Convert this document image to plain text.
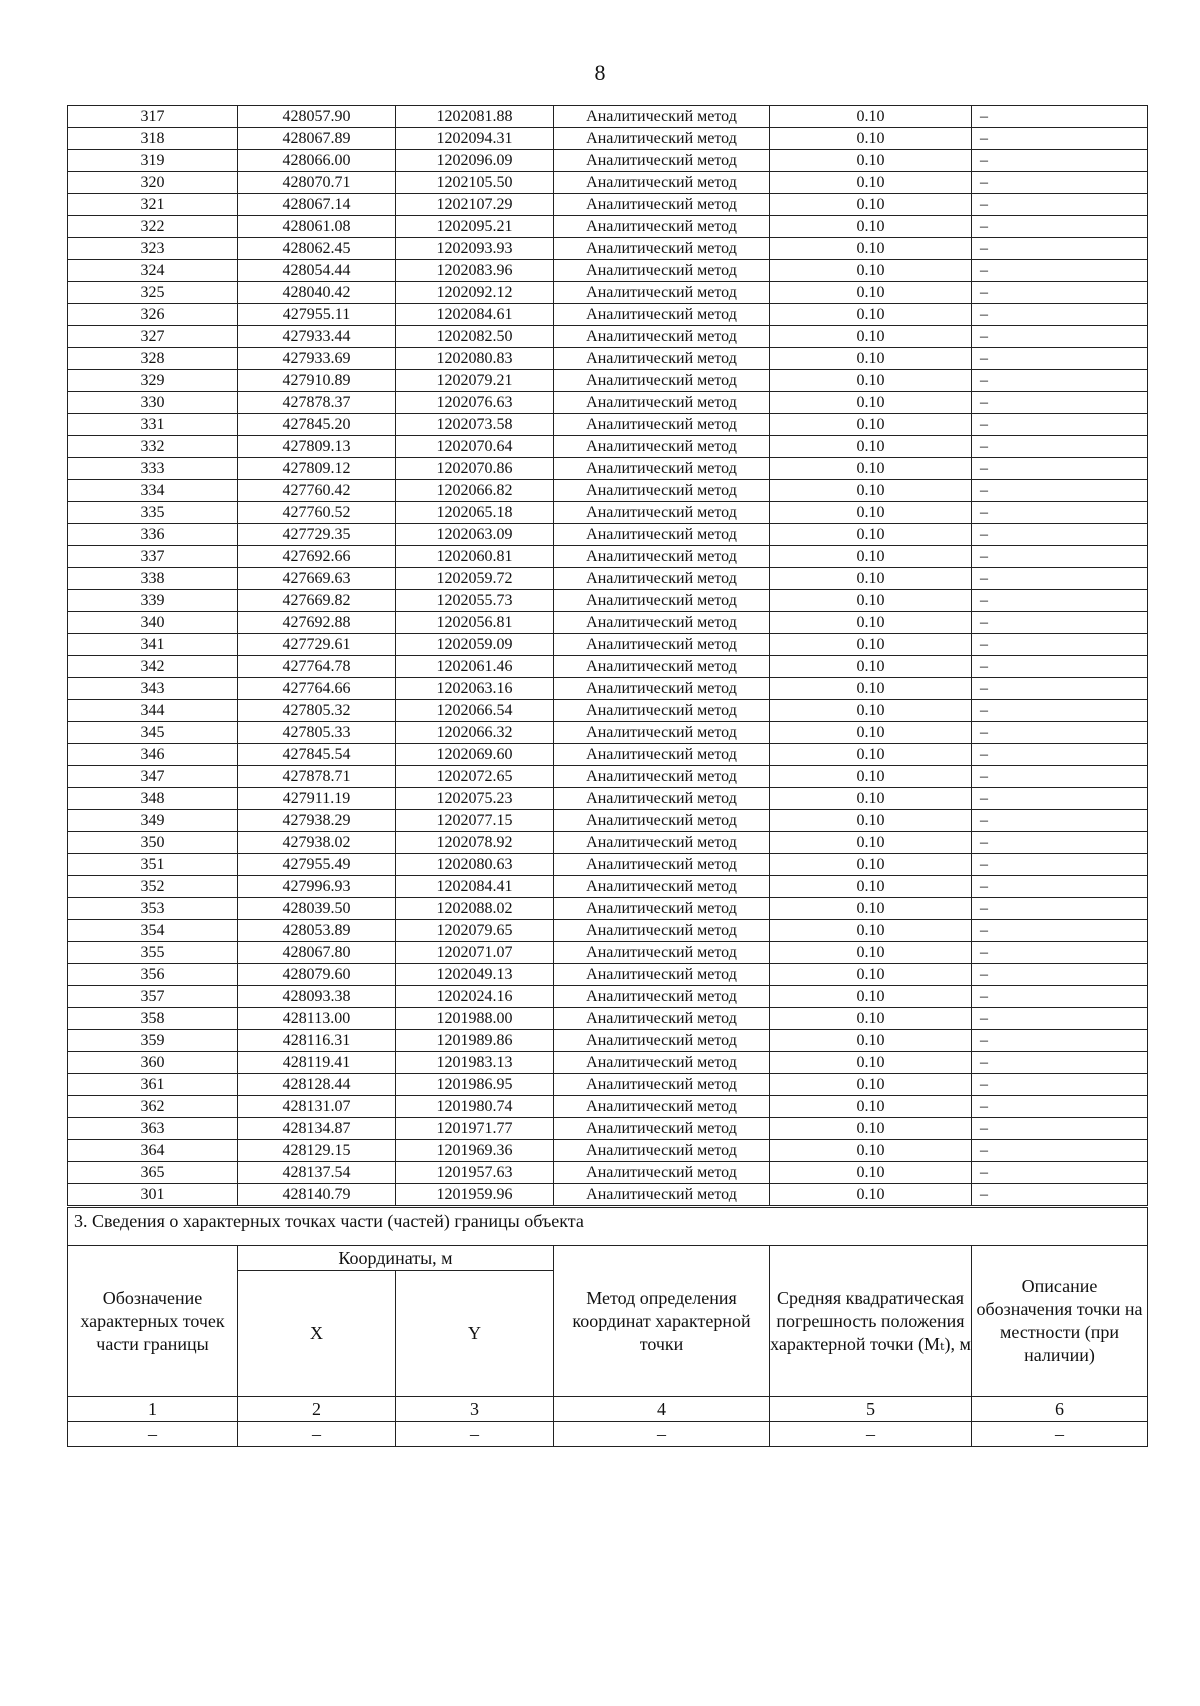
8
317	428057.90	1202081.88	Аналитический метод	0.10	–
318	428067.89	1202094.31	Аналитический метод	0.10	–
319	428066.00	1202096.09	Аналитический метод	0.10	–
320	428070.71	1202105.50	Аналитический метод	0.10	–
321	428067.14	1202107.29	Аналитический метод	0.10	–
322	428061.08	1202095.21	Аналитический метод	0.10	–
323	428062.45	1202093.93	Аналитический метод	0.10	–
324	428054.44	1202083.96	Аналитический метод	0.10	–
325	428040.42	1202092.12	Аналитический метод	0.10	–
326	427955.11	1202084.61	Аналитический метод	0.10	–
327	427933.44	1202082.50	Аналитический метод	0.10	–
328	427933.69	1202080.83	Аналитический метод	0.10	–
329	427910.89	1202079.21	Аналитический метод	0.10	–
330	427878.37	1202076.63	Аналитический метод	0.10	–
331	427845.20	1202073.58	Аналитический метод	0.10	–
332	427809.13	1202070.64	Аналитический метод	0.10	–
333	427809.12	1202070.86	Аналитический метод	0.10	–
334	427760.42	1202066.82	Аналитический метод	0.10	–
335	427760.52	1202065.18	Аналитический метод	0.10	–
336	427729.35	1202063.09	Аналитический метод	0.10	–
337	427692.66	1202060.81	Аналитический метод	0.10	–
338	427669.63	1202059.72	Аналитический метод	0.10	–
339	427669.82	1202055.73	Аналитический метод	0.10	–
340	427692.88	1202056.81	Аналитический метод	0.10	–
341	427729.61	1202059.09	Аналитический метод	0.10	–
342	427764.78	1202061.46	Аналитический метод	0.10	–
343	427764.66	1202063.16	Аналитический метод	0.10	–
344	427805.32	1202066.54	Аналитический метод	0.10	–
345	427805.33	1202066.32	Аналитический метод	0.10	–
346	427845.54	1202069.60	Аналитический метод	0.10	–
347	427878.71	1202072.65	Аналитический метод	0.10	–
348	427911.19	1202075.23	Аналитический метод	0.10	–
349	427938.29	1202077.15	Аналитический метод	0.10	–
350	427938.02	1202078.92	Аналитический метод	0.10	–
351	427955.49	1202080.63	Аналитический метод	0.10	–
352	427996.93	1202084.41	Аналитический метод	0.10	–
353	428039.50	1202088.02	Аналитический метод	0.10	–
354	428053.89	1202079.65	Аналитический метод	0.10	–
355	428067.80	1202071.07	Аналитический метод	0.10	–
356	428079.60	1202049.13	Аналитический метод	0.10	–
357	428093.38	1202024.16	Аналитический метод	0.10	–
358	428113.00	1201988.00	Аналитический метод	0.10	–
359	428116.31	1201989.86	Аналитический метод	0.10	–
360	428119.41	1201983.13	Аналитический метод	0.10	–
361	428128.44	1201986.95	Аналитический метод	0.10	–
362	428131.07	1201980.74	Аналитический метод	0.10	–
363	428134.87	1201971.77	Аналитический метод	0.10	–
364	428129.15	1201969.36	Аналитический метод	0.10	–
365	428137.54	1201957.63	Аналитический метод	0.10	–
301	428140.79	1201959.96	Аналитический метод	0.10	–
3. Сведения о характерных точках части (частей) границы объекта					
Обозначение характерных точек части границы	Координаты, м		Метод определения координат характерной точки	Средняя квадратическая погрешность положения характерной точки (Mₜ), м	Описание обозначения точки на местности (при наличии)
	X	Y			
1	2	3	4	5	6
–	–	–	–	–	–
